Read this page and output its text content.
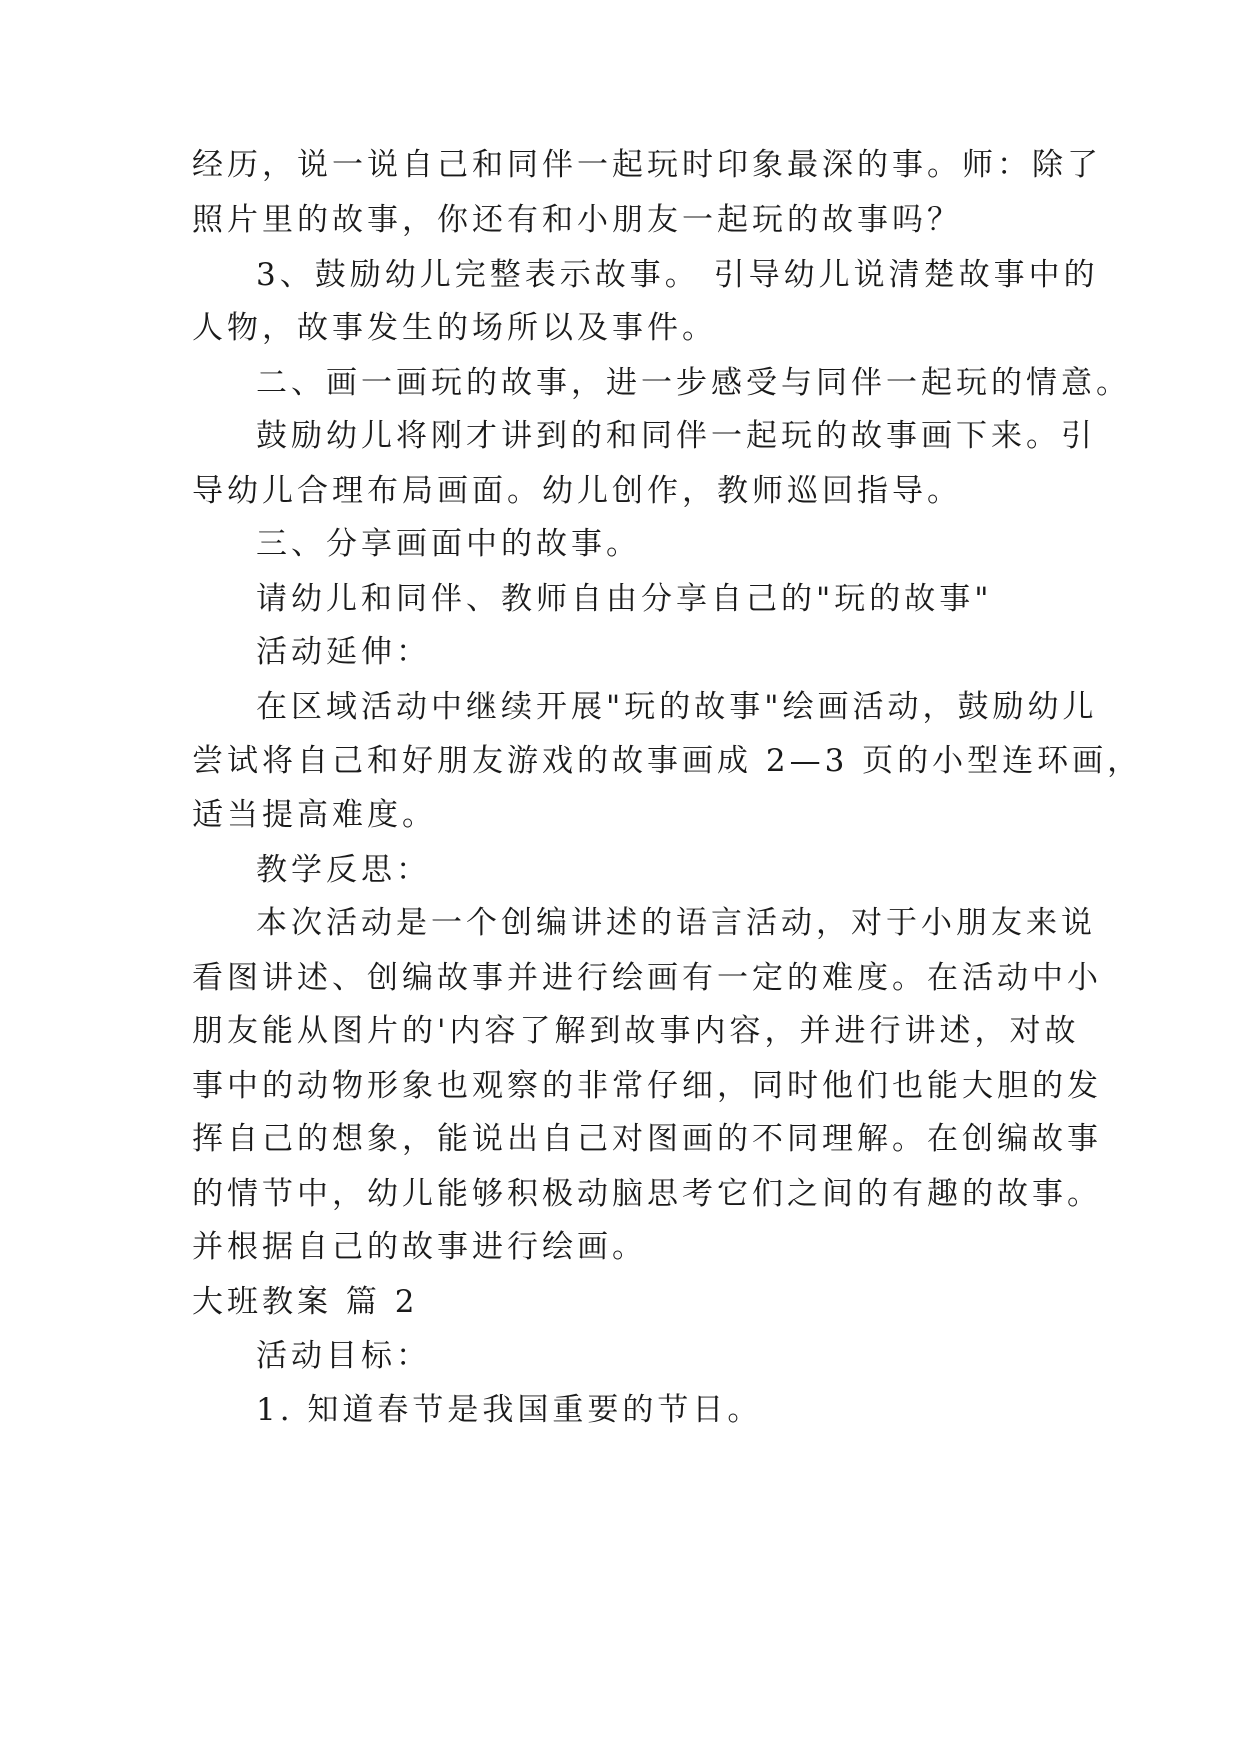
经历，说一说自己和同伴一起玩时印象最深的事。师：除了
照片里的故事，你还有和小朋友一起玩的故事吗？
3、鼓励幼儿完整表示故事。 引导幼儿说清楚故事中的
人物，故事发生的场所以及事件。
二、画一画玩的故事，进一步感受与同伴一起玩的情意。
鼓励幼儿将刚才讲到的和同伴一起玩的故事画下来。引
导幼儿合理布局画面。幼儿创作，教师巡回指导。
三、分享画面中的故事。
请幼儿和同伴、教师自由分享自己的"玩的故事"
活动延伸：
在区域活动中继续开展"玩的故事"绘画活动，鼓励幼儿
尝试将自己和好朋友游戏的故事画成 2—3 页的小型连环画，
适当提高难度。
教学反思：
本次活动是一个创编讲述的语言活动，对于小朋友来说
看图讲述、创编故事并进行绘画有一定的难度。在活动中小
朋友能从图片的'内容了解到故事内容，并进行讲述，对故
事中的动物形象也观察的非常仔细，同时他们也能大胆的发
挥自己的想象，能说出自己对图画的不同理解。在创编故事
的情节中，幼儿能够积极动脑思考它们之间的有趣的故事。
并根据自己的故事进行绘画。
大班教案 篇 2
活动目标：
1. 知道春节是我国重要的节日。
